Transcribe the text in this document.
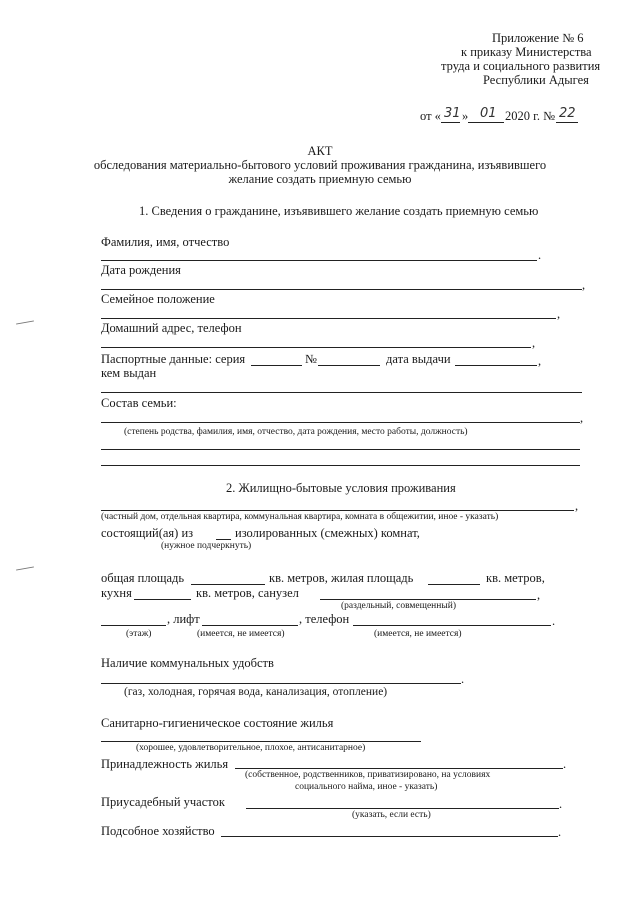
Приложение № 6
к приказу Министерства
труда и социального развития
Республики Адыгея
от « 31 » 01 2020 г. № 22
АКТ
обследования материально-бытового условий проживания гражданина, изъявившего
желание создать приемную семью
1. Сведения о гражданине, изъявившего желание создать приемную семью
Фамилия, имя, отчество
.
Дата рождения
,
Семейное положение
,
Домашний адрес, телефон
,
Паспортные данные: серия	№	дата выдачи	,
кем выдан
Состав семьи:
,
(степень родства, фамилия, имя, отчество, дата рождения, место работы, должность)
2. Жилищно-бытовые условия проживания
,
(частный дом, отдельная квартира, коммунальная квартира, комната в общежитии, иное - указать)
состоящий(ая) из	изолированных (смежных) комнат,
(нужное подчеркнуть)
общая площадь	кв. метров, жилая площадь	кв. метров,
кухня	кв. метров, санузел	,
(раздельный, совмещенный)
, лифт	, телефон	.
(этаж)	(имеется, не имеется)	(имеется, не имеется)
Наличие коммунальных удобств
.
(газ, холодная, горячая вода, канализация, отопление)
Санитарно-гигиеническое состояние жилья
(хорошее, удовлетворительное, плохое, антисанитарное)
Принадлежность жилья	.
(собственное, родственников, приватизировано, на условиях
социального найма, иное - указать)
Приусадебный участок	.
(указать, если есть)
Подсобное хозяйство	.
